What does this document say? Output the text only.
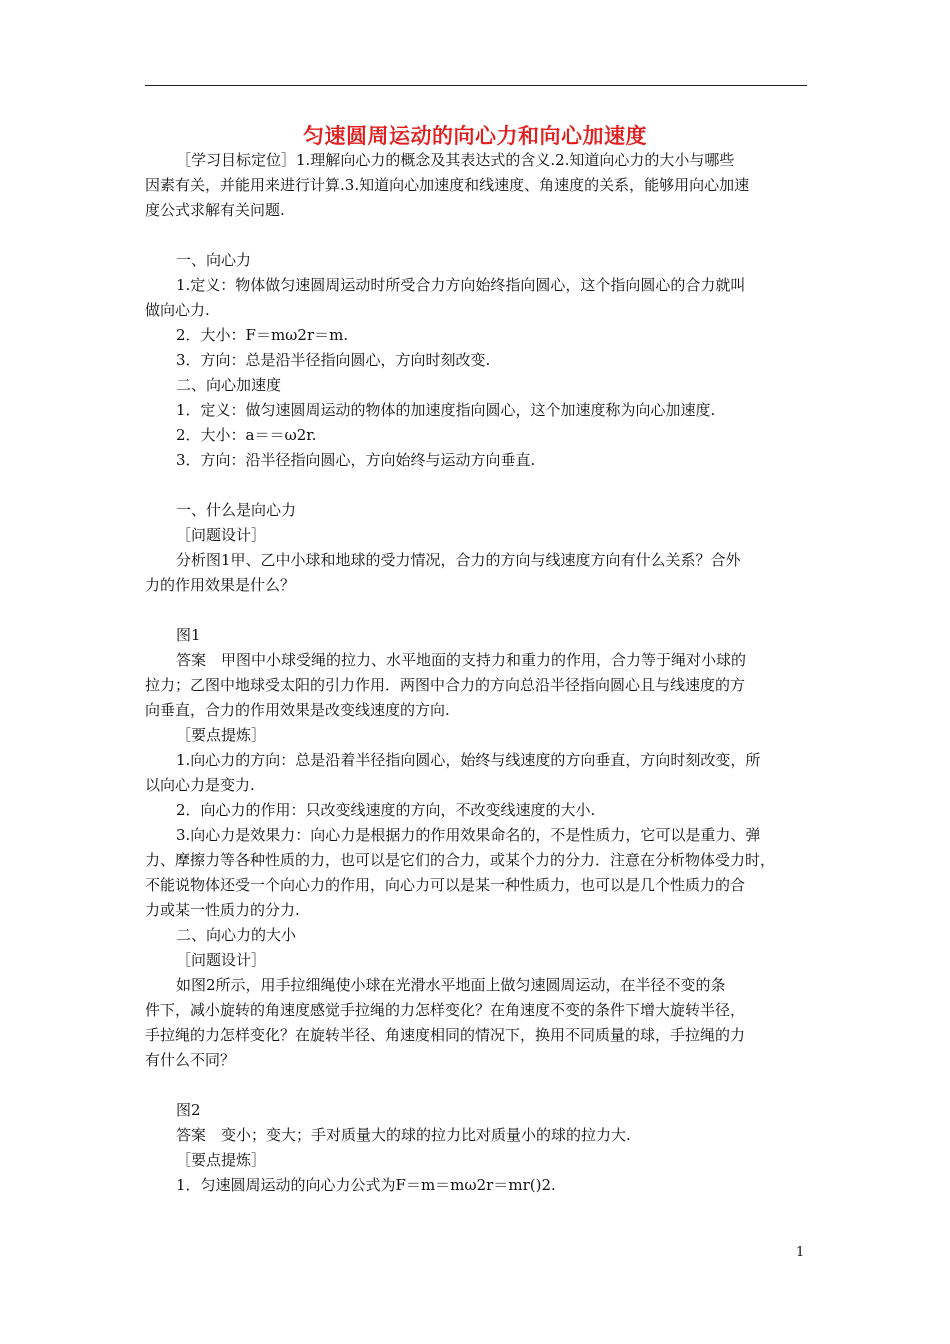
匀速圆周运动的向心力和向心加速度
［学习目标定位］1.理解向心力的概念及其表达式的含义.2.知道向心力的大小与哪些
因素有关，并能用来进行计算.3.知道向心加速度和线速度、角速度的关系，能够用向心加速
度公式求解有关问题.
一、向心力
1.定义：物体做匀速圆周运动时所受合力方向始终指向圆心，这个指向圆心的合力就叫
做向心力.
2．大小：F＝mω2r＝m.
3．方向：总是沿半径指向圆心，方向时刻改变.
二、向心加速度
1．定义：做匀速圆周运动的物体的加速度指向圆心，这个加速度称为向心加速度.
2．大小：a＝＝ω2r.
3．方向：沿半径指向圆心，方向始终与运动方向垂直.
一、什么是向心力
［问题设计］
分析图1甲、乙中小球和地球的受力情况，合力的方向与线速度方向有什么关系？合外
力的作用效果是什么？
图1
答案　甲图中小球受绳的拉力、水平地面的支持力和重力的作用，合力等于绳对小球的
拉力；乙图中地球受太阳的引力作用．两图中合力的方向总沿半径指向圆心且与线速度的方
向垂直，合力的作用效果是改变线速度的方向.
［要点提炼］
1.向心力的方向：总是沿着半径指向圆心，始终与线速度的方向垂直，方向时刻改变，所
以向心力是变力.
2．向心力的作用：只改变线速度的方向，不改变线速度的大小.
3.向心力是效果力：向心力是根据力的作用效果命名的，不是性质力，它可以是重力、弹
力、摩擦力等各种性质的力，也可以是它们的合力，或某个力的分力．注意在分析物体受力时，
不能说物体还受一个向心力的作用，向心力可以是某一种性质力，也可以是几个性质力的合
力或某一性质力的分力.
二、向心力的大小
［问题设计］
如图2所示，用手拉细绳使小球在光滑水平地面上做匀速圆周运动，在半径不变的条
件下，减小旋转的角速度感觉手拉绳的力怎样变化？在角速度不变的条件下增大旋转半径，
手拉绳的力怎样变化？在旋转半径、角速度相同的情况下，换用不同质量的球，手拉绳的力
有什么不同？
图2
答案　变小；变大；手对质量大的球的拉力比对质量小的球的拉力大.
［要点提炼］
1．匀速圆周运动的向心力公式为F＝m＝mω2r＝mr()2.
1
